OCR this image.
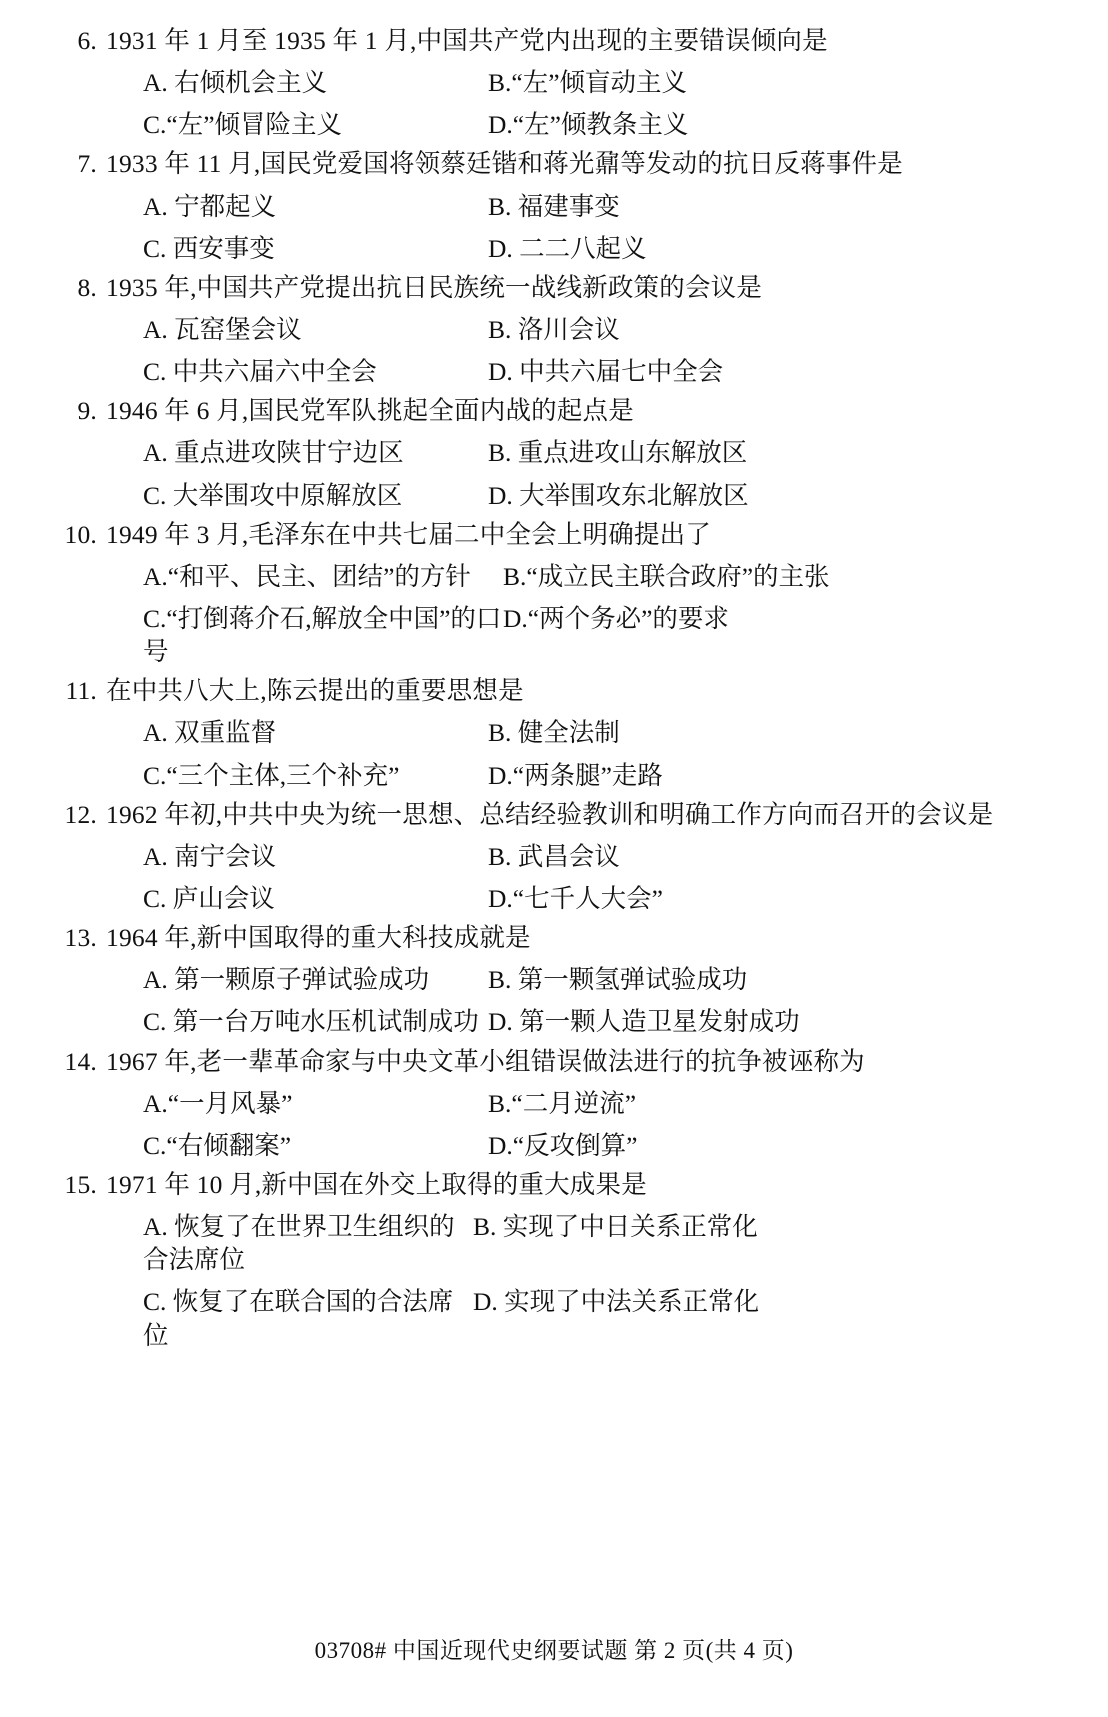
6. 1931 年 1 月至 1935 年 1 月,中国共产党内出现的主要错误倾向是
A. 右倾机会主义	B.“左”倾盲动主义
C.“左”倾冒险主义	D.“左”倾教条主义
7. 1933 年 11 月,国民党爱国将领蔡廷锴和蒋光鼐等发动的抗日反蒋事件是
A. 宁都起义	B. 福建事变
C. 西安事变	D. 二二八起义
8. 1935 年,中国共产党提出抗日民族统一战线新政策的会议是
A. 瓦窑堡会议	B. 洛川会议
C. 中共六届六中全会	D. 中共六届七中全会
9. 1946 年 6 月,国民党军队挑起全面内战的起点是
A. 重点进攻陕甘宁边区	B. 重点进攻山东解放区
C. 大举围攻中原解放区	D. 大举围攻东北解放区
10. 1949 年 3 月,毛泽东在中共七届二中全会上明确提出了
A.“和平、民主、团结”的方针	B.“成立民主联合政府”的主张
C.“打倒蒋介石,解放全中国”的口号
D.“两个务必”的要求
11. 在中共八大上,陈云提出的重要思想是
A. 双重监督	B. 健全法制
C.“三个主体,三个补充”	D.“两条腿”走路
12. 1962 年初,中共中央为统一思想、总结经验教训和明确工作方向而召开的会议是
A. 南宁会议	B. 武昌会议
C. 庐山会议	D.“七千人大会”
13. 1964 年,新中国取得的重大科技成就是
A. 第一颗原子弹试验成功	B. 第一颗氢弹试验成功
C. 第一台万吨水压机试制成功 D. 第一颗人造卫星发射成功
14. 1967 年,老一辈革命家与中央文革小组错误做法进行的抗争被诬称为
A.“一月风暴”	B.“二月逆流”
C.“右倾翻案”	D.“反攻倒算”
15. 1971 年 10 月,新中国在外交上取得的重大成果是
A. 恢复了在世界卫生组织的合法席位
B. 实现了中日关系正常化
C. 恢复了在联合国的合法席位
D. 实现了中法关系正常化
03708# 中国近现代史纲要试题 第 2 页(共 4 页)
